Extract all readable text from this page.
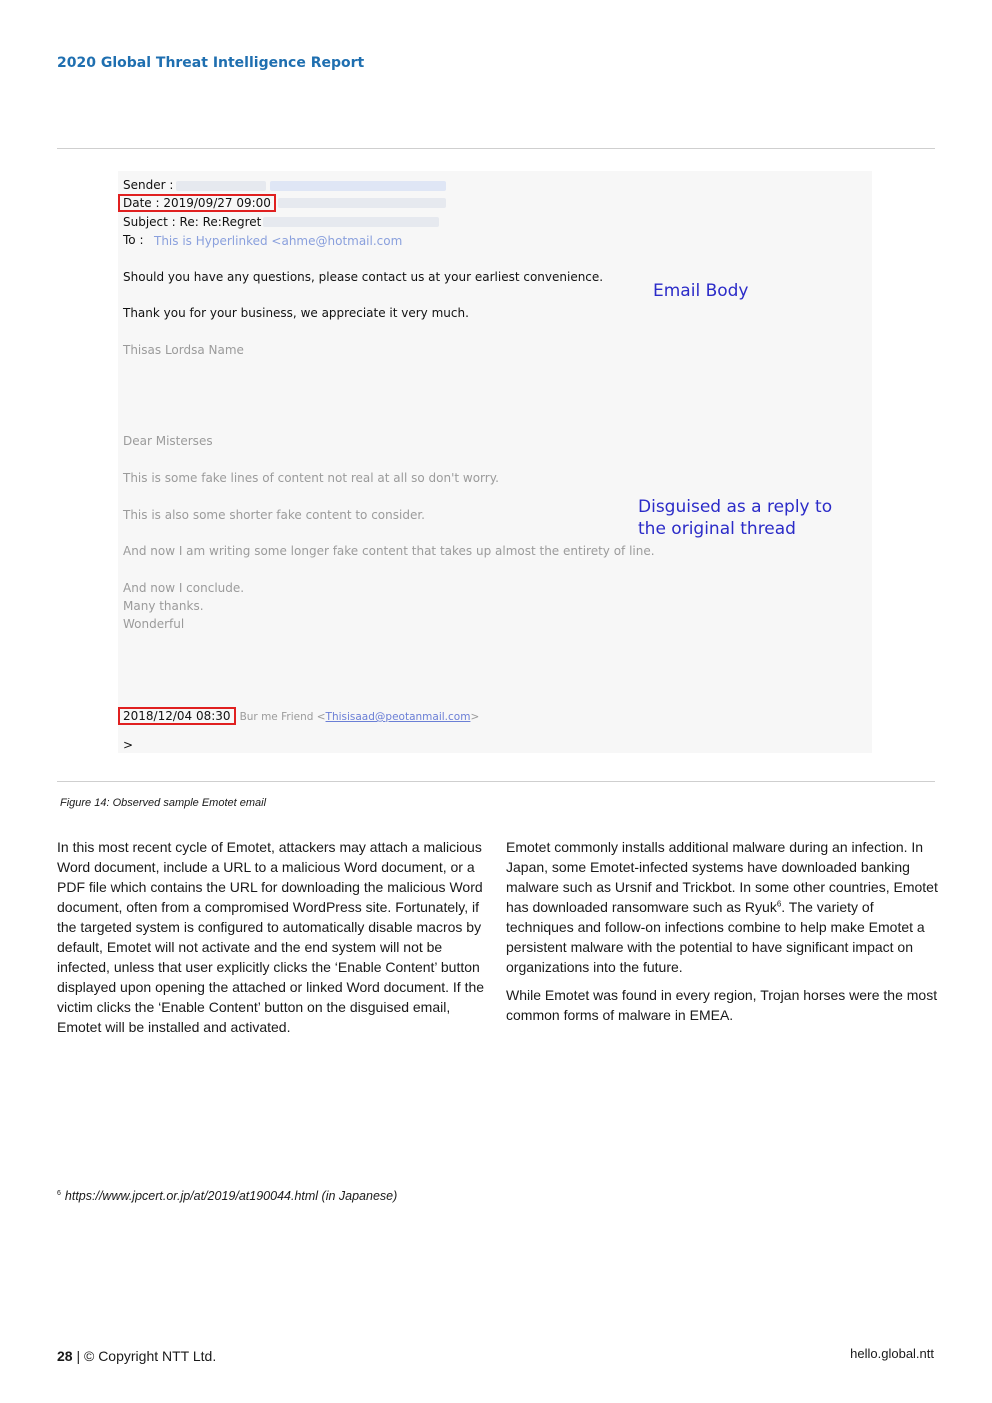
2020 Global Threat Intelligence Report
Sender :
Date : 2019/09/27 09:00
Subject : Re: Re:Regret
To : This is Hyperlinked <ahme@hotmail.com
Should you have any questions, please contact us at your earliest convenience.
Thank you for your business, we appreciate it very much.
Thisas Lordsa Name
Dear Misterses
This is some fake lines of content not real at all so don't worry.
This is also some shorter fake content to consider.
And now I am writing some longer fake content that takes up almost the entirety of line.
And now I conclude.
Many thanks.
Wonderful
2018/12/04 08:30 Bur me Friend <Thisisaad@peotanmail.com>
>
Email Body
Disguised as a reply to
the original thread
Figure 14: Observed sample Emotet email

In this most recent cycle of Emotet, attackers may attach a malicious Word document, include a URL to a malicious Word document, or a PDF file which contains the URL for downloading the malicious Word document, often from a compromised WordPress site. Fortunately, if the targeted system is configured to automatically disable macros by default, Emotet will not activate and the end system will not be infected, unless that user explicitly clicks the ‘Enable Content’ button displayed upon opening the attached or linked Word document. If the victim clicks the ‘Enable Content’ button on the disguised email, Emotet will be installed and activated.

Emotet commonly installs additional malware during an infection. In Japan, some Emotet-infected systems have downloaded banking malware such as Ursnif and Trickbot. In some other countries, Emotet has downloaded ransomware such as Ryuk$^6$. The variety of techniques and follow-on infections combine to help make Emotet a persistent malware with the potential to have significant impact on organizations into the future.

While Emotet was found in every region, Trojan horses were the most common forms of malware in EMEA.

$^6$ https://www.jpcert.or.jp/at/2019/at190044.html (in Japanese)
28 | © Copyright NTT Ltd.	hello.global.ntt
